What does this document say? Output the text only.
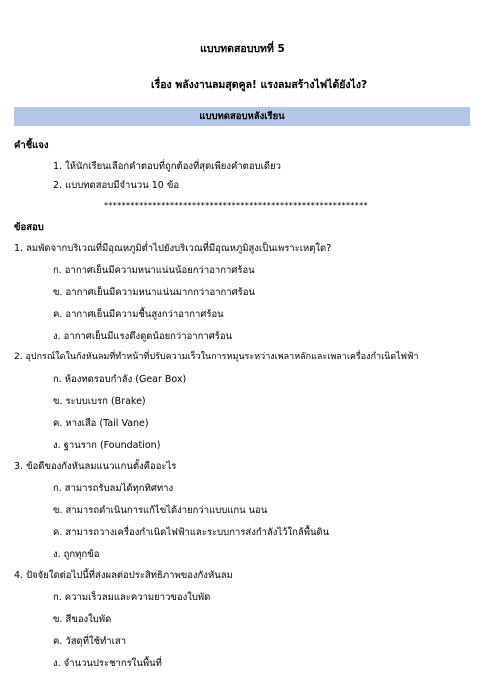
แบบทดสอบบทที่ 5
เรื่อง พลังงานลมสุดคูล! แรงลมสร้างไฟได้ยังไง?
แบบทดสอบหลังเรียน
คำชี้แจง
1. ให้นักเรียนเลือกคำตอบที่ถูกต้องที่สุดเพียงคำตอบเดียว
2. แบบทดสอบมีจำนวน 10 ข้อ
************************************************************
ข้อสอบ
1. ลมพัดจากบริเวณที่มีอุณหภูมิต่ำไปยังบริเวณที่มีอุณหภูมิสูงเป็นเพราะเหตุใด?
ก. อากาศเย็นมีความหนาแน่นน้อยกว่าอากาศร้อน
ข. อากาศเย็นมีความหนาแน่นมากกว่าอากาศร้อน
ค. อากาศเย็นมีความชื้นสูงกว่าอากาศร้อน
ง. อากาศเย็นมีแรงดึงดูดน้อยกว่าอากาศร้อน
2. อุปกรณ์ใดในกังหันลมที่ทำหน้าที่ปรับความเร็วในการหมุนระหว่างเพลาหลักและเพลาเครื่องกำเนิดไฟฟ้า
ก. ห้องทดรอบกำลัง (Gear Box)
ข. ระบบเบรก (Brake)
ค. หางเสือ (Tail Vane)
ง. ฐานราก (Foundation)
3. ข้อดีของกังหันลมแนวแกนตั้งคืออะไร
ก. สามารถรับลมได้ทุกทิศทาง
ข. สามารถดำเนินการแก้ไขได้ง่ายกว่าแบบแกน นอน
ค. สามารถวางเครื่องกำเนิดไฟฟ้าและระบบการส่งกำลังไว้ใกล้พื้นดิน
ง. ถูกทุกข้อ
4. ปัจจัยใดต่อไปนี้ที่ส่งผลต่อประสิทธิภาพของกังหันลม
ก. ความเร็วลมและความยาวของใบพัด
ข. สีของใบพัด
ค. วัสดุที่ใช้ทำเสา
ง. จำนวนประชากรในพื้นที่
